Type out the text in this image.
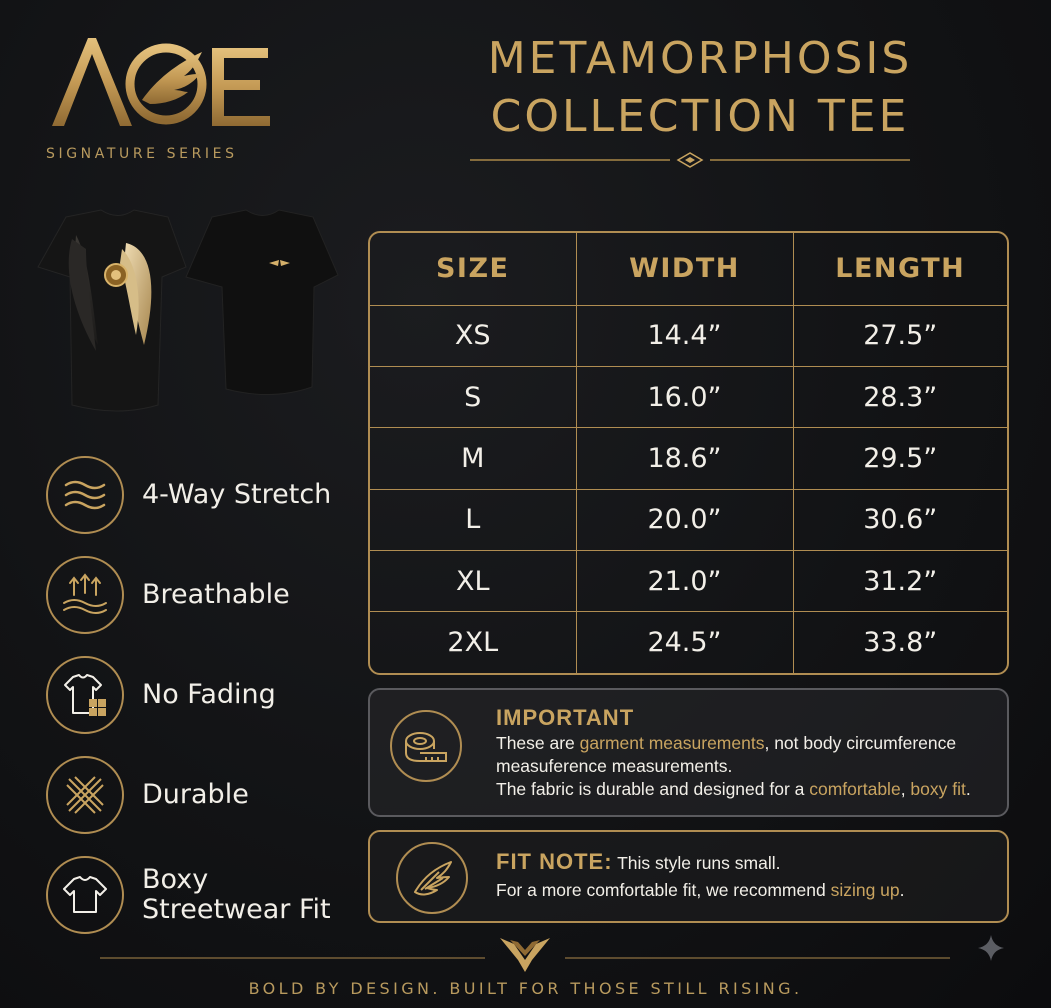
SIGNATURE SERIES
METAMORPHOSIS
COLLECTION TEE
4-Way Stretch
Breathable
No Fading
Durable
Boxy
Streetwear Fit
SIZE	WIDTH	LENGTH
XS	14.4”	27.5”
S	16.0”	28.3”
M	18.6”	29.5”
L	20.0”	30.6”
XL	21.0”	31.2”
2XL	24.5”	33.8”
IMPORTANT
These are garment measurements, not body circumference
measuference measurements.
The fabric is durable and designed for a comfortable, boxy fit.
FIT NOTE: This style runs small.
For a more comfortable fit, we recommend sizing up.
BOLD BY DESIGN. BUILT FOR THOSE STILL RISING.
